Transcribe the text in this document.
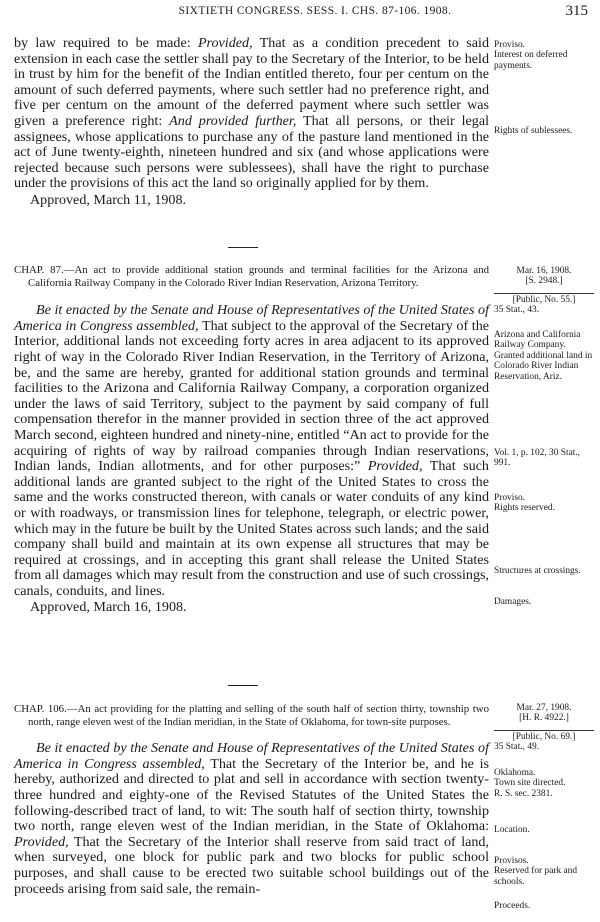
SIXTIETH CONGRESS. SESS. I. CHS. 87-106. 1908.	315

by law required to be made: Provided, That as a condition precedent to said extension in each case the settler shall pay to the Secretary of the Interior, to be held in trust by him for the benefit of the Indian entitled thereto, four per centum on the amount of such deferred payments, where such settler had no preference right, and five per centum on the amount of the deferred payment where such settler was given a preference right: And provided further, That all persons, or their legal assignees, whose applications to purchase any of the pasture land mentioned in the act of June twenty-eighth, nineteen hundred and six (and whose applications were rejected because such persons were sublessees), shall have the right to purchase under the provisions of this act the land so originally applied for by them.

Approved, March 11, 1908.

Proviso.
Interest on deferred payments.
Rights of sublessees.

CHAP. 87.—An act to provide additional station grounds and terminal facilities for the Arizona and California Railway Company in the Colorado River Indian Reservation, Arizona Territory.

Be it enacted by the Senate and House of Representatives of the United States of America in Congress assembled, That subject to the approval of the Secretary of the Interior, additional lands not exceeding forty acres in area adjacent to its approved right of way in the Colorado River Indian Reservation, in the Territory of Arizona, be, and the same are hereby, granted for additional station grounds and terminal facilities to the Arizona and California Railway Company, a corporation organized under the laws of said Territory, subject to the payment by said company of full compensation therefor in the manner provided in section three of the act approved March second, eighteen hundred and ninety-nine, entitled “An act to provide for the acquiring of rights of way by railroad companies through Indian reservations, Indian lands, Indian allotments, and for other purposes:” Provided, That such additional lands are granted subject to the right of the United States to cross the same and the works constructed thereon, with canals or water conduits of any kind or with roadways, or transmission lines for telephone, telegraph, or electric power, which may in the future be built by the United States across such lands; and the said company shall build and maintain at its own expense all structures that may be required at crossings, and in accepting this grant shall release the United States from all damages which may result from the construction and use of such crossings, canals, conduits, and lines.

Approved, March 16, 1908.

Mar. 16, 1908.
[S. 2948.]
[Public, No. 55.]
35 Stat., 43.
Arizona and California Railway Company. Granted additional land in Colorado River Indian Reservation, Ariz.
Vol. 1, p. 102, 30 Stat., 991.
Proviso.
Rights reserved.
Structures at crossings.
Damages.

CHAP. 106.—An act providing for the platting and selling of the south half of section thirty, township two north, range eleven west of the Indian meridian, in the State of Oklahoma, for town-site purposes.

Be it enacted by the Senate and House of Representatives of the United States of America in Congress assembled, That the Secretary of the Interior be, and he is hereby, authorized and directed to plat and sell in accordance with section twenty-three hundred and eighty-one of the Revised Statutes of the United States the following-described tract of land, to wit: The south half of section thirty, township two north, range eleven west of the Indian meridian, in the State of Oklahoma: Provided, That the Secretary of the Interior shall reserve from said tract of land, when surveyed, one block for public park and two blocks for public school purposes, and shall cause to be erected two suitable school buildings out of the proceeds arising from said sale, the remain-

Mar. 27, 1908.
[H. R. 4922.]
[Public, No. 69.]
35 Stat., 49.
Oklahoma.
Town site directed.
R. S. sec. 2381.
Location.
Provisos.
Reserved for park and schools.
Proceeds.
